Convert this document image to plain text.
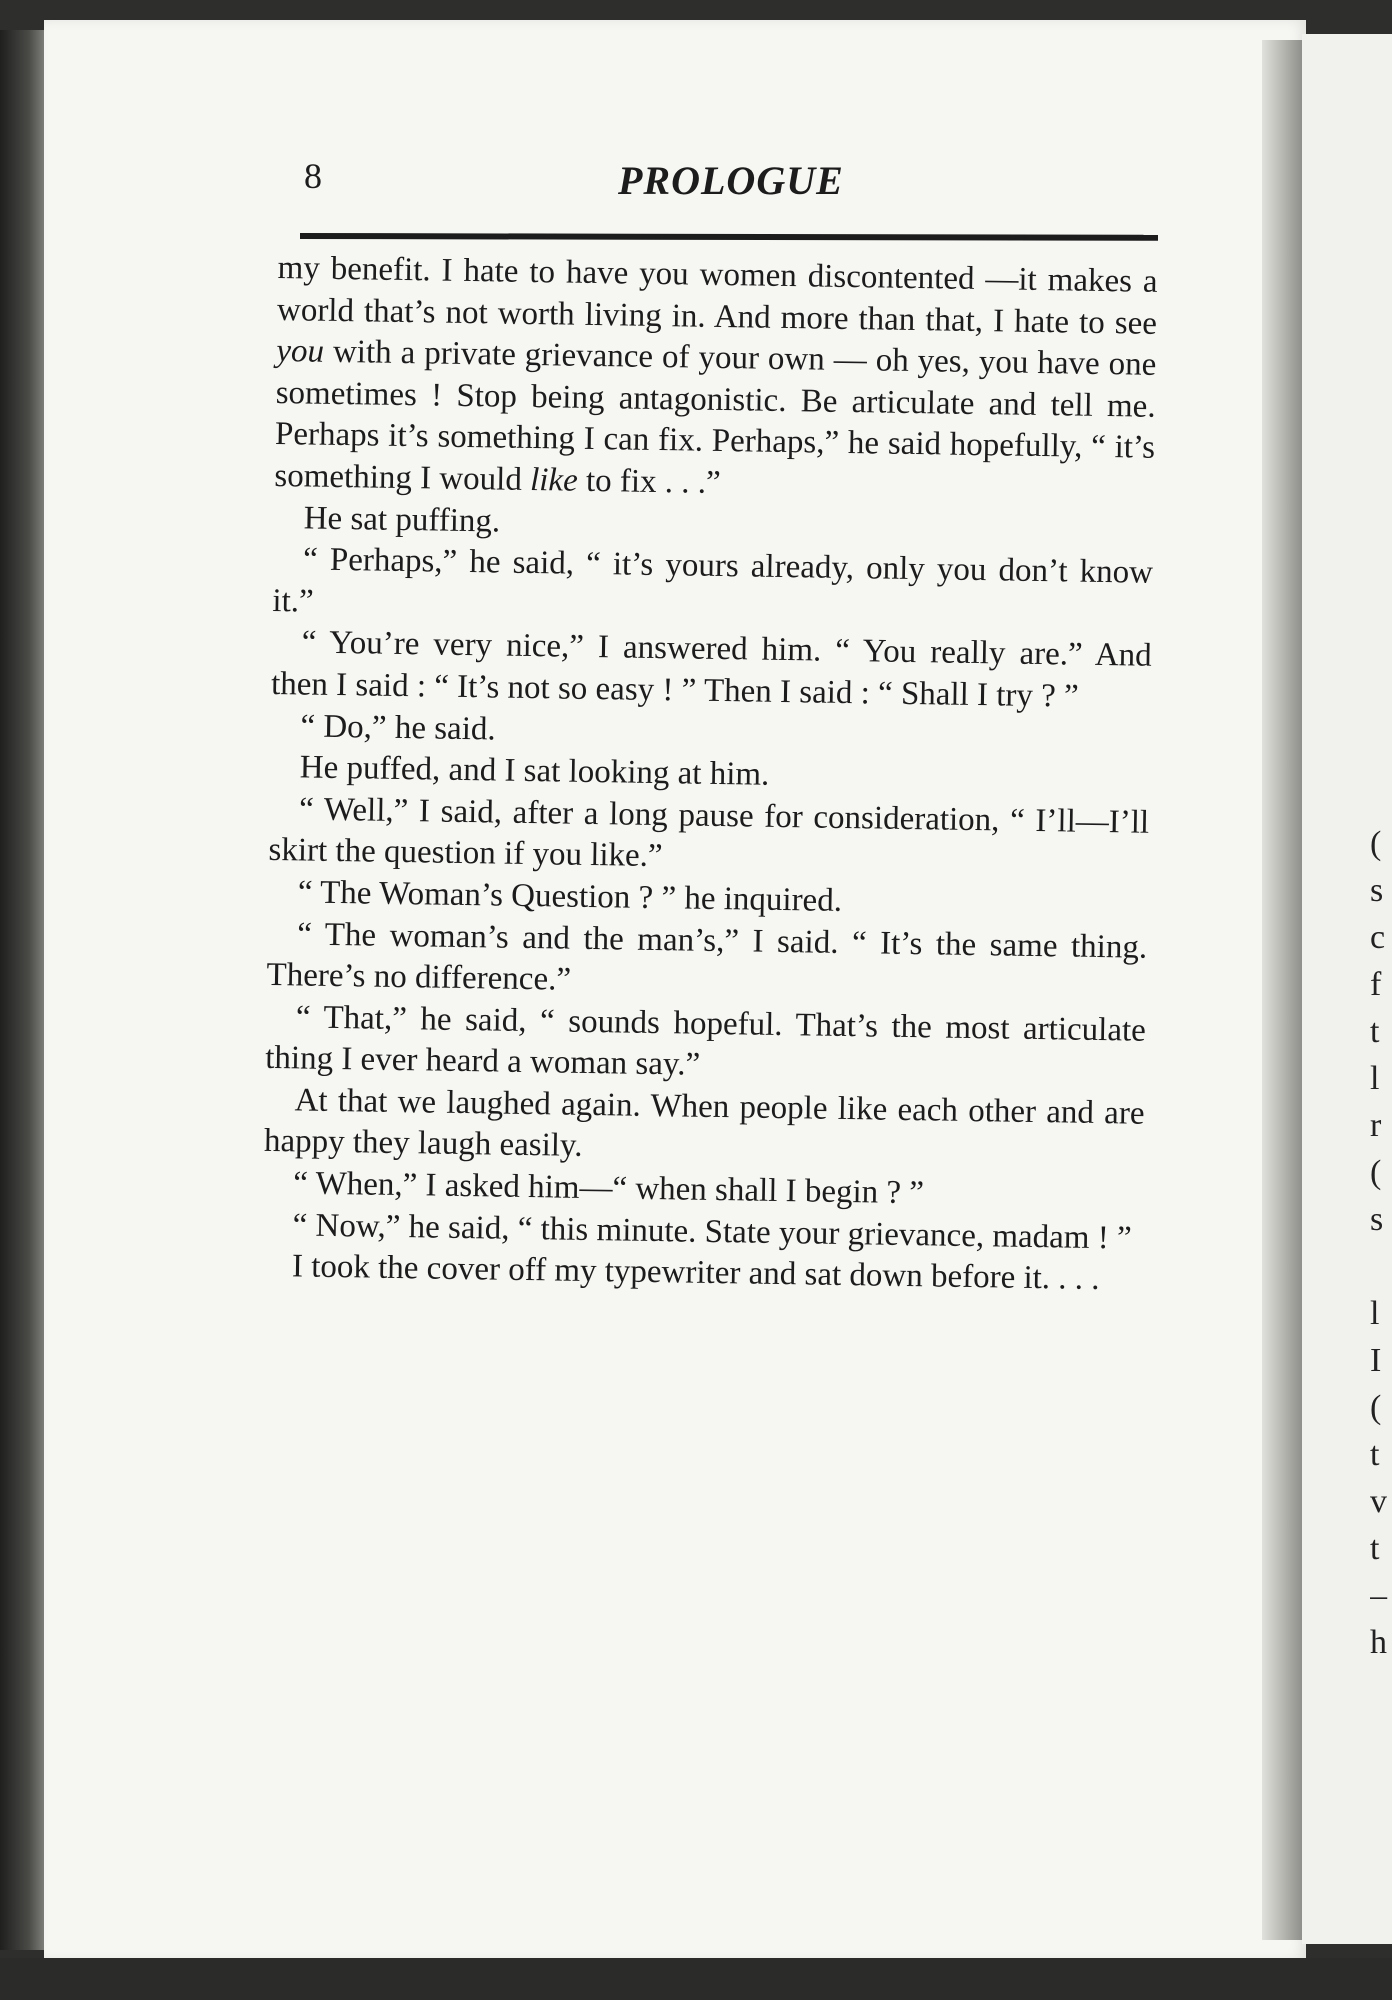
(
s
c
f
t
l
r
(
s
l
I
(
t
v
t
–
h
8	PROLOGUE

my benefit. I hate to have you women discontented —it makes a world that’s not worth living in. And more than that, I hate to see you with a private grievance of your own — oh yes, you have one sometimes ! Stop being antagonistic. Be articulate and tell me. Perhaps it’s something I can fix. Perhaps,” he said hopefully, “ it’s something I would like to fix . . .”

He sat puffing.

“ Perhaps,” he said, “ it’s yours already, only you don’t know it.”

“ You’re very nice,” I answered him. “ You really are.” And then I said : “ It’s not so easy ! ” Then I said : “ Shall I try ? ”

“ Do,” he said.

He puffed, and I sat looking at him.

“ Well,” I said, after a long pause for consideration, “ I’ll—I’ll skirt the question if you like.”

“ The Woman’s Question ? ” he inquired.

“ The woman’s and the man’s,” I said. “ It’s the same thing. There’s no difference.”

“ That,” he said, “ sounds hopeful. That’s the most articulate thing I ever heard a woman say.”

At that we laughed again. When people like each other and are happy they laugh easily.

“ When,” I asked him—“ when shall I begin ? ”

“ Now,” he said, “ this minute. State your grievance, madam ! ”

I took the cover off my typewriter and sat down before it. . . .
